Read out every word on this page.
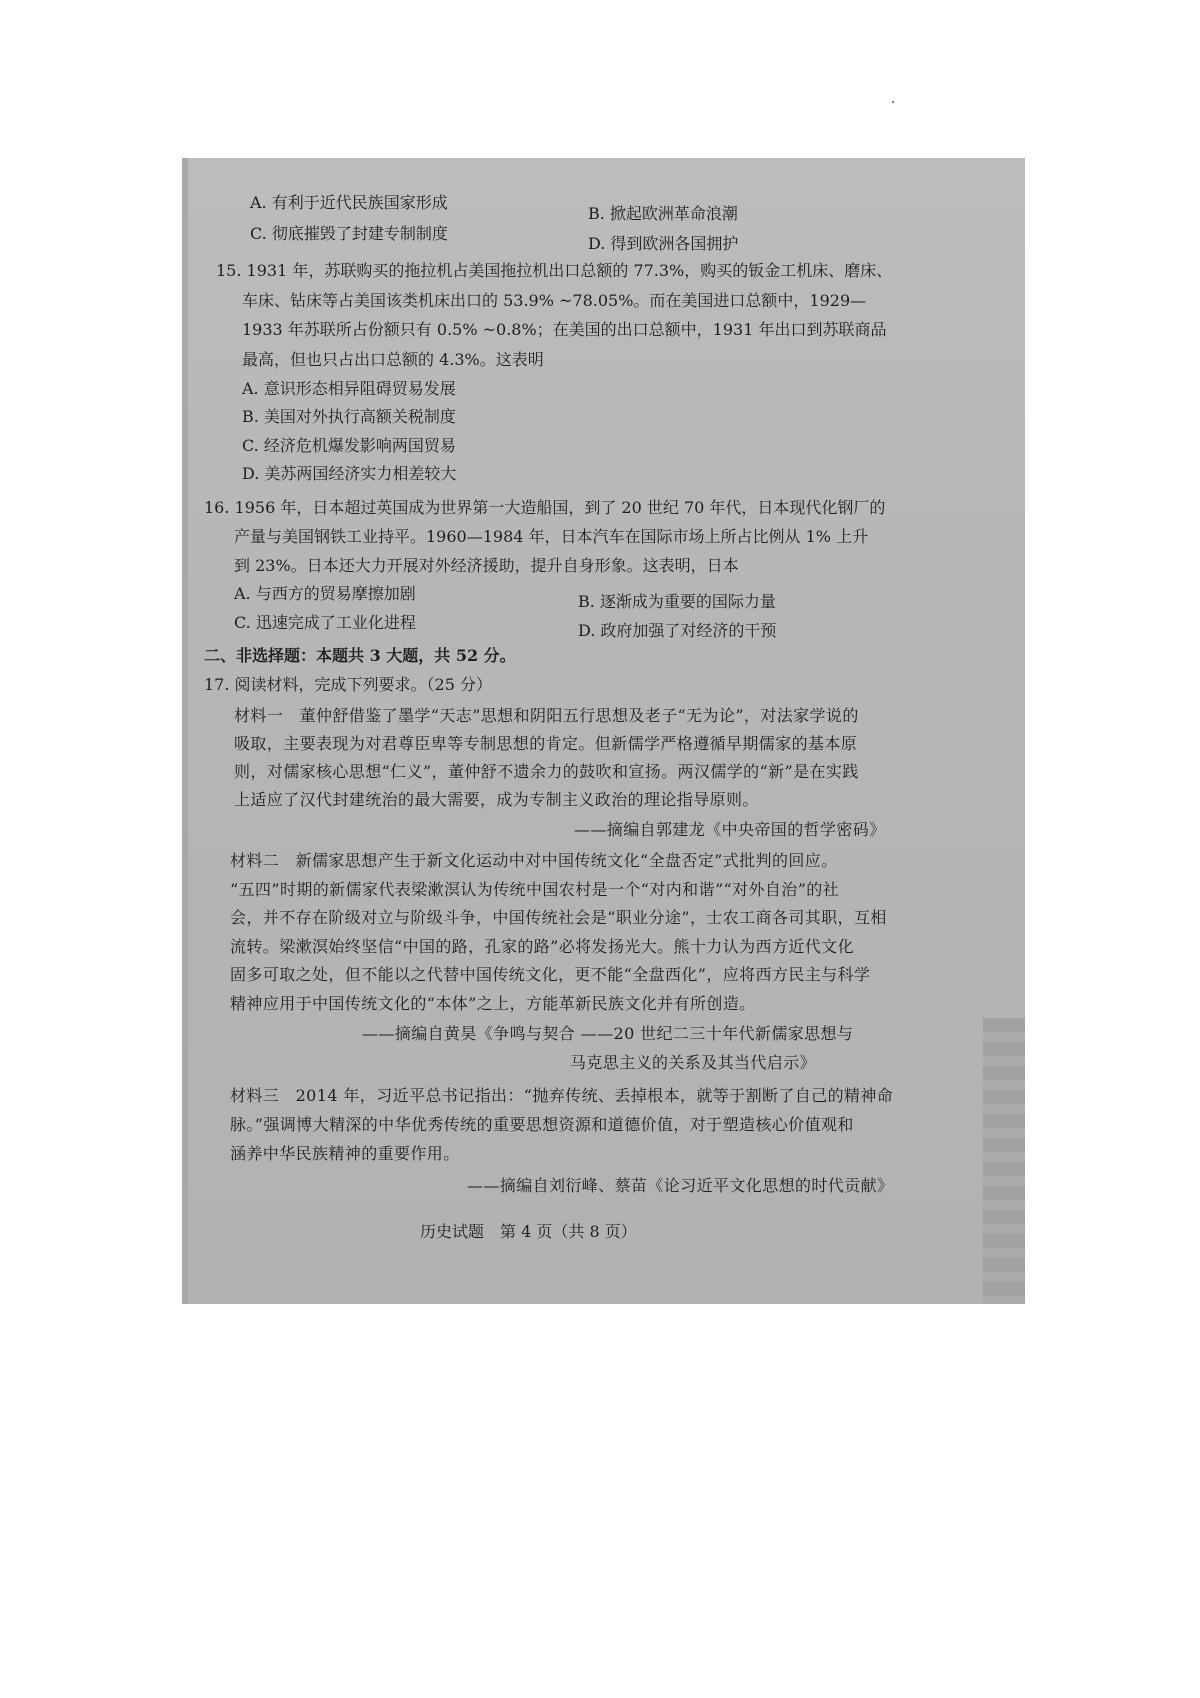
A. 有利于近代民族国家形成
B. 掀起欧洲革命浪潮
C. 彻底摧毁了封建专制制度
D. 得到欧洲各国拥护
15. 1931 年，苏联购买的拖拉机占美国拖拉机出口总额的 77.3%，购买的钣金工机床、磨床、
车床、钻床等占美国该类机床出口的 53.9% ~78.05%。而在美国进口总额中，1929—
1933 年苏联所占份额只有 0.5% ~0.8%；在美国的出口总额中，1931 年出口到苏联商品
最高，但也只占出口总额的 4.3%。这表明
A. 意识形态相异阻碍贸易发展
B. 美国对外执行高额关税制度
C. 经济危机爆发影响两国贸易
D. 美苏两国经济实力相差较大
16. 1956 年，日本超过英国成为世界第一大造船国，到了 20 世纪 70 年代，日本现代化钢厂的
产量与美国钢铁工业持平。1960—1984 年，日本汽车在国际市场上所占比例从 1% 上升
到 23%。日本还大力开展对外经济援助，提升自身形象。这表明，日本
A. 与西方的贸易摩擦加剧	B. 逐渐成为重要的国际力量
C. 迅速完成了工业化进程	D. 政府加强了对经济的干预
二、非选择题：本题共 3 大题，共 52 分。
17. 阅读材料，完成下列要求。（25 分）
材料一　董仲舒借鉴了墨学“天志”思想和阴阳五行思想及老子“无为论”，对法家学说的
吸取，主要表现为对君尊臣卑等专制思想的肯定。但新儒学严格遵循早期儒家的基本原
则，对儒家核心思想“仁义”，董仲舒不遗余力的鼓吹和宣扬。两汉儒学的“新”是在实践
上适应了汉代封建统治的最大需要，成为专制主义政治的理论指导原则。
——摘编自郭建龙《中央帝国的哲学密码》
材料二　新儒家思想产生于新文化运动中对中国传统文化“全盘否定”式批判的回应。
“五四”时期的新儒家代表梁漱溟认为传统中国农村是一个“对内和谐”“对外自治”的社
会，并不存在阶级对立与阶级斗争，中国传统社会是“职业分途”，士农工商各司其职，互相
流转。梁漱溟始终坚信“中国的路，孔家的路”必将发扬光大。熊十力认为西方近代文化
固多可取之处，但不能以之代替中国传统文化，更不能“全盘西化”，应将西方民主与科学
精神应用于中国传统文化的“本体”之上，方能革新民族文化并有所创造。
——摘编自黄昊《争鸣与契合 ——20 世纪二三十年代新儒家思想与
马克思主义的关系及其当代启示》
材料三　2014 年，习近平总书记指出：“抛弃传统、丢掉根本，就等于割断了自己的精神命
脉。”强调博大精深的中华优秀传统的重要思想资源和道德价值，对于塑造核心价值观和
涵养中华民族精神的重要作用。
——摘编自刘衍峰、蔡苗《论习近平文化思想的时代贡献》
历史试题　第 4 页（共 8 页）
